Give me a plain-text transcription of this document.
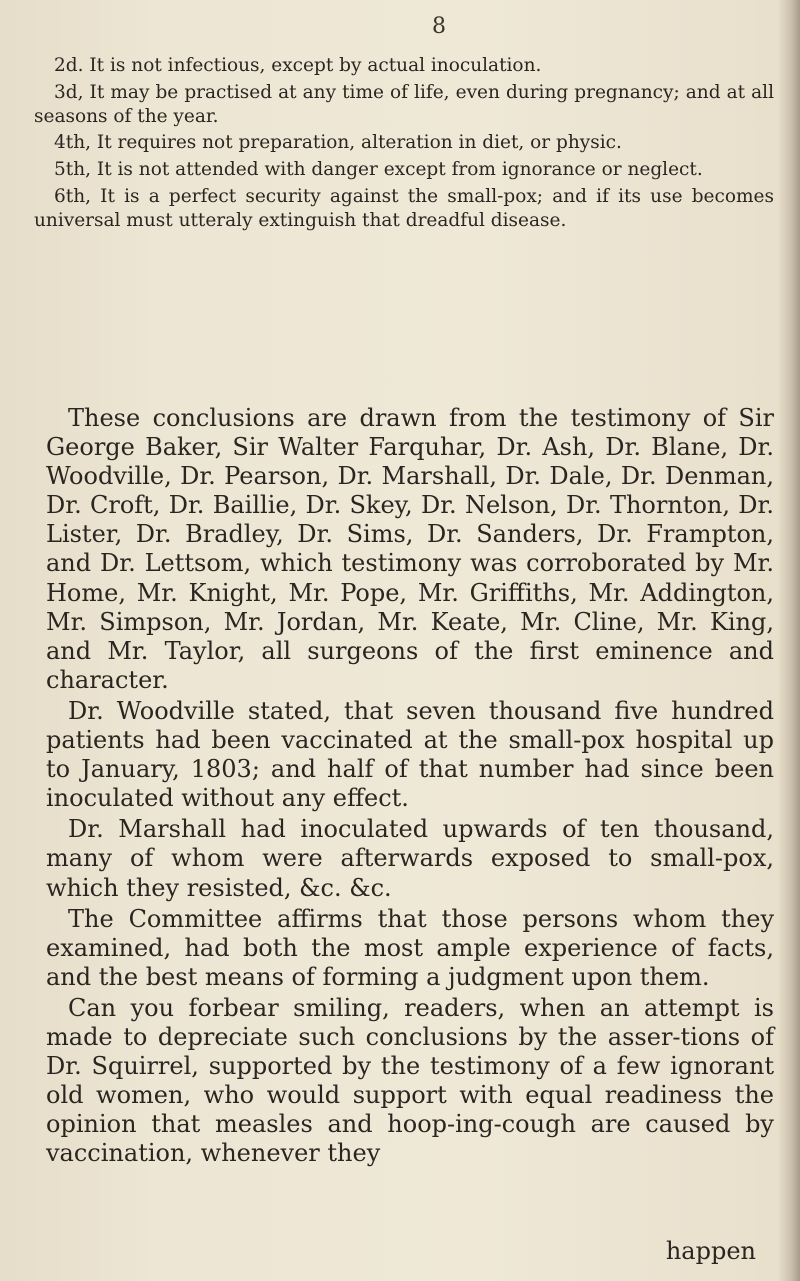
8

2d. It is not infectious, except by actual inoculation.

3d, It may be practised at any time of life, even during pregnancy; and at all seasons of the year.

4th, It requires not preparation, alteration in diet, or physic.

5th, It is not attended with danger except from ignorance or neglect.

6th, It is a perfect security against the small-pox; and if its use becomes universal must utteraly extinguish that dreadful disease.

These conclusions are drawn from the testimony of Sir George Baker, Sir Walter Farquhar, Dr. Ash, Dr. Blane, Dr. Woodville, Dr. Pearson, Dr. Marshall, Dr. Dale, Dr. Denman, Dr. Croft, Dr. Baillie, Dr. Skey, Dr. Nelson, Dr. Thornton, Dr. Lister, Dr. Bradley, Dr. Sims, Dr. Sanders, Dr. Frampton, and Dr. Lettsom, which testimony was corroborated by Mr. Home, Mr. Knight, Mr. Pope, Mr. Griffiths, Mr. Addington, Mr. Simpson, Mr. Jordan, Mr. Keate, Mr. Cline, Mr. King, and Mr. Taylor, all surgeons of the first eminence and character.

Dr. Woodville stated, that seven thousand five hundred patients had been vaccinated at the small-pox hospital up to January, 1803; and half of that number had since been inoculated without any effect.

Dr. Marshall had inoculated upwards of ten thousand, many of whom were afterwards exposed to small-pox, which they resisted, &c. &c.

The Committee affirms that those persons whom they examined, had both the most ample experience of facts, and the best means of forming a judgment upon them.

Can you forbear smiling, readers, when an attempt is made to depreciate such conclusions by the asser-tions of Dr. Squirrel, supported by the testimony of a few ignorant old women, who would support with equal readiness the opinion that measles and hoop-ing-cough are caused by vaccination, whenever they

happen
